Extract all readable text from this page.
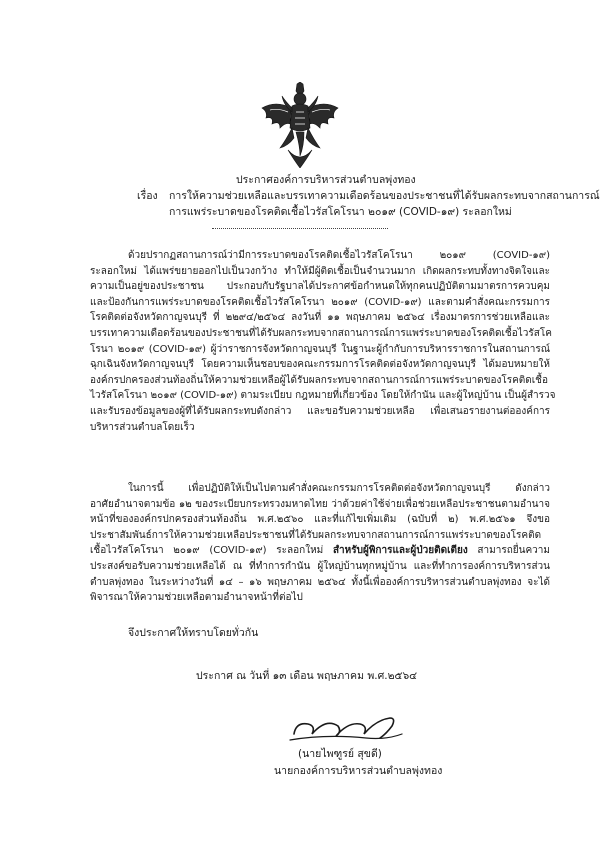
ประกาศองค์การบริหารส่วนตำบลพุ่งทอง
เรื่อง การให้ความช่วยเหลือและบรรเทาความเดือดร้อนของประชาชนที่ได้รับผลกระทบจากสถานการณ์
การแพร่ระบาดของโรคติดเชื้อไวรัสโคโรนา ๒๐๑๙ (COVID-๑๙) ระลอกใหม่
ด้วยปรากฏสถานการณ์ว่ามีการระบาดของโรคติดเชื้อไวรัสโคโรนา ๒๐๑๙ (COVID-๑๙)
ระลอกใหม่ ได้แพร่ขยายออกไปเป็นวงกว้าง ทำให้มีผู้ติดเชื้อเป็นจำนวนมาก เกิดผลกระทบทั้งทางจิตใจและ
ความเป็นอยู่ของประชาชน ประกอบกับรัฐบาลได้ประกาศข้อกำหนดให้ทุกคนปฏิบัติตามมาตรการควบคุม
และป้องกันการแพร่ระบาดของโรคติดเชื้อไวรัสโคโรนา ๒๐๑๙ (COVID-๑๙) และตามคำสั่งคณะกรรมการ
โรคติดต่อจังหวัดกาญจนบุรี ที่ ๒๒๙๔/๒๕๖๔ ลงวันที่ ๑๑ พฤษภาคม ๒๕๖๔ เรื่องมาตรการช่วยเหลือและ
บรรเทาความเดือดร้อนของประชาชนที่ได้รับผลกระทบจากสถานการณ์การแพร่ระบาดของโรคติดเชื้อไวรัสโค
โรนา ๒๐๑๙ (COVID-๑๙) ผู้ว่าราชการจังหวัดกาญจนบุรี ในฐานะผู้กำกับการบริหารราชการในสถานการณ์
ฉุกเฉินจังหวัดกาญจนบุรี โดยความเห็นชอบของคณะกรรมการโรคติดต่อจังหวัดกาญจนบุรี ได้มอบหมายให้
องค์กรปกครองส่วนท้องถิ่นให้ความช่วยเหลือผู้ได้รับผลกระทบจากสถานการณ์การแพร่ระบาดของโรคติดเชื้อ
ไวรัสโคโรนา ๒๐๑๙ (COVID-๑๙) ตามระเบียบ กฎหมายที่เกี่ยวข้อง โดยให้กำนัน และผู้ใหญ่บ้าน เป็นผู้สำรวจ
และรับรองข้อมูลของผู้ที่ได้รับผลกระทบดังกล่าว และขอรับความช่วยเหลือ เพื่อเสนอรายงานต่อองค์การ
บริหารส่วนตำบลโดยเร็ว
ในการนี้ เพื่อปฏิบัติให้เป็นไปตามคำสั่งคณะกรรมการโรคติดต่อจังหวัดกาญจนบุรี ดังกล่าว
อาศัยอำนาจตามข้อ ๑๒ ของระเบียบกระทรวงมหาดไทย ว่าด้วยค่าใช้จ่ายเพื่อช่วยเหลือประชาชนตามอำนาจ
หน้าที่ขององค์กรปกครองส่วนท้องถิ่น พ.ศ.๒๕๖๐ และที่แก้ไขเพิ่มเติม (ฉบับที่ ๒) พ.ศ.๒๕๖๑ จึงขอ
ประชาสัมพันธ์การให้ความช่วยเหลือประชาชนที่ได้รับผลกระทบจากสถานการณ์การแพร่ระบาดของโรคติด
เชื้อไวรัสโคโรนา ๒๐๑๙ (COVID-๑๙) ระลอกใหม่ สำหรับผู้พิการและผู้ป่วยติดเตียง สามารถยื่นความ
ประสงค์ขอรับความช่วยเหลือได้ ณ ที่ทำการกำนัน ผู้ใหญ่บ้านทุกหมู่บ้าน และที่ทำการองค์การบริหารส่วน
ตำบลพุ่งทอง ในระหว่างวันที่ ๑๔ – ๑๖ พฤษภาคม ๒๕๖๔ ทั้งนี้เพื่อองค์การบริหารส่วนตำบลพุ่งทอง จะได้
พิจารณาให้ความช่วยเหลือตามอำนาจหน้าที่ต่อไป
จึงประกาศให้ทราบโดยทั่วกัน
ประกาศ ณ วันที่ ๑๓ เดือน พฤษภาคม พ.ศ.๒๕๖๔
(นายไพฑูรย์ สุขดี)
นายกองค์การบริหารส่วนตำบลพุ่งทอง
